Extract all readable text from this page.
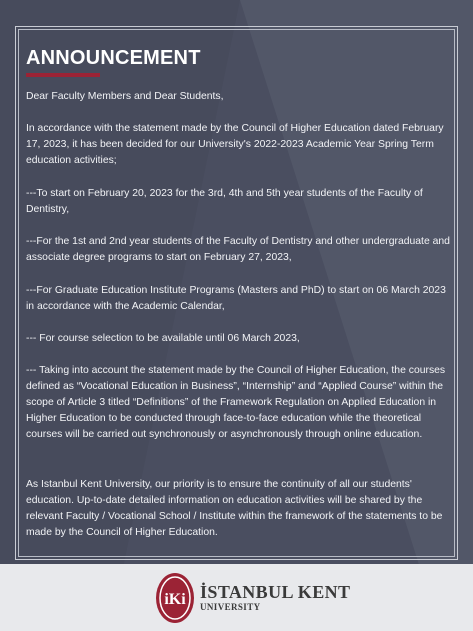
ANNOUNCEMENT

Dear Faculty Members and Dear Students,

In accordance with the statement made by the Council of Higher Education dated February 17, 2023, it has been decided for our University's 2022-2023 Academic Year Spring Term education activities;

---To start on February 20, 2023 for the 3rd, 4th and 5th year students of the Faculty of Dentistry,

---For the 1st and 2nd year students of the Faculty of Dentistry and other undergraduate and associate degree programs to start on February 27, 2023,

---For Graduate Education Institute Programs (Masters and PhD) to start on 06 March 2023 in accordance with the Academic Calendar,

--- For course selection to be available until 06 March 2023,

--- Taking into account the statement made by the Council of Higher Education, the courses defined as “Vocational Education in Business”, “Internship” and “Applied Course” within the scope of Article 3 titled “Definitions” of the Framework Regulation on Applied Education in Higher Education to be conducted through face-to-face education while the theoretical courses will be carried out synchronously or asynchronously through online education.

As Istanbul Kent University, our priority is to ensure the continuity of all our students' education. Up-to-date detailed information on education activities will be shared by the relevant Faculty / Vocational School / Institute within the framework of the statements to be made by the Council of Higher Education.

iKi İSTANBUL KENT
UNIVERSITY
